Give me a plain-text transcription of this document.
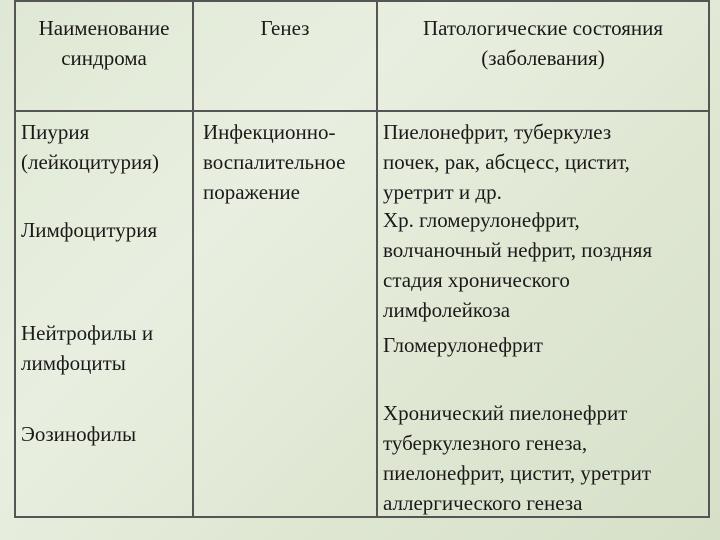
Наименование
синдрома
Генез	Патологические состояния
(заболевания)
Пиурия
(лейкоцитурия)
Лимфоцитурия
Нейтрофилы и
лимфоциты
Эозинофилы
Инфекционно-
воспалительное
поражение
Пиелонефрит, туберкулез
почек, рак, абсцесс, цистит,
уретрит и др.
Хр. гломерулонефрит,
волчаночный нефрит, поздняя
стадия хронического
лимфолейкоза
Гломерулонефрит
Хронический пиелонефрит
туберкулезного генеза,
пиелонефрит, цистит, уретрит
аллергического генеза
